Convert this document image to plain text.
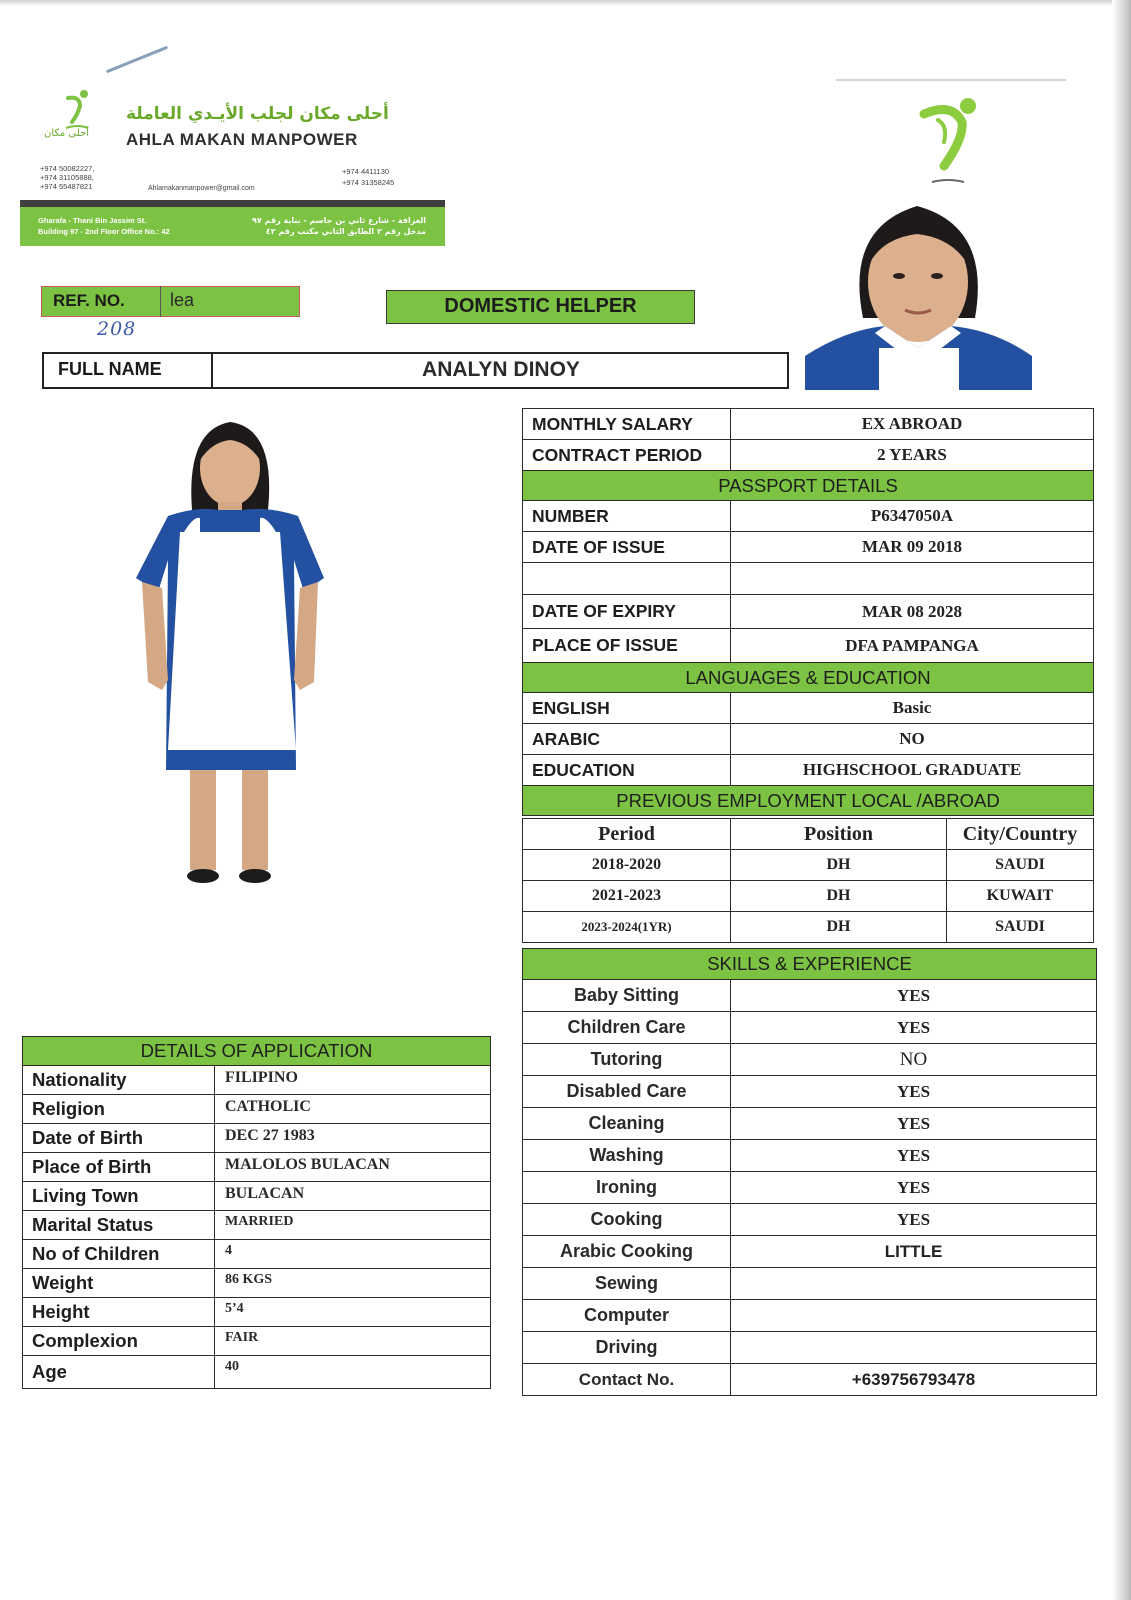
أحلى مكان
أحلى مكان لجلب الأيـدي العاملة
AHLA MAKAN MANPOWER
+974 50082227,
+974 31105888,
+974 55487821
+974 4411130
+974 31358245
Ahlamakanmanpower@gmail.com
Gharafa - Thani Bin Jassim St.
Building 97 - 2nd Floor Office No.: 42
الغرافة - شارع ثاني بن جاسم - بناية رقم ٩٧
مدخل رقم ٢ الطابق الثاني مكتب رقم ٤٢
REF. NO.	lea
208
DOMESTIC HELPER
FULL NAME	ANALYN DINOY
MONTHLY SALARY	EX ABROAD
CONTRACT PERIOD	2 YEARS
PASSPORT DETAILS	
NUMBER	P6347050A
DATE OF ISSUE	MAR 09 2018

DATE OF EXPIRY	MAR 08 2028
PLACE OF ISSUE	DFA PAMPANGA
LANGUAGES & EDUCATION	
ENGLISH	Basic
ARABIC	NO
EDUCATION	HIGHSCHOOL GRADUATE
PREVIOUS EMPLOYMENT LOCAL /ABROAD	
Period	Position	City/Country
2018-2020	DH	SAUDI
2021-2023	DH	KUWAIT
2023-2024(1YR)	DH	SAUDI
SKILLS & EXPERIENCE	
Baby Sitting	YES
Children Care	YES
Tutoring	NO
Disabled Care	YES
Cleaning	YES
Washing	YES
Ironing	YES
Cooking	YES
Arabic Cooking	LITTLE
Sewing	
Computer	
Driving	
Contact No.	+639756793478
DETAILS OF APPLICATION	
Nationality	FILIPINO
Religion	CATHOLIC
Date of Birth	DEC 27 1983
Place of Birth	MALOLOS BULACAN
Living Town	BULACAN
Marital Status	MARRIED
No of Children	4
Weight	86 KGS
Height	5’4
Complexion	FAIR
Age	40
